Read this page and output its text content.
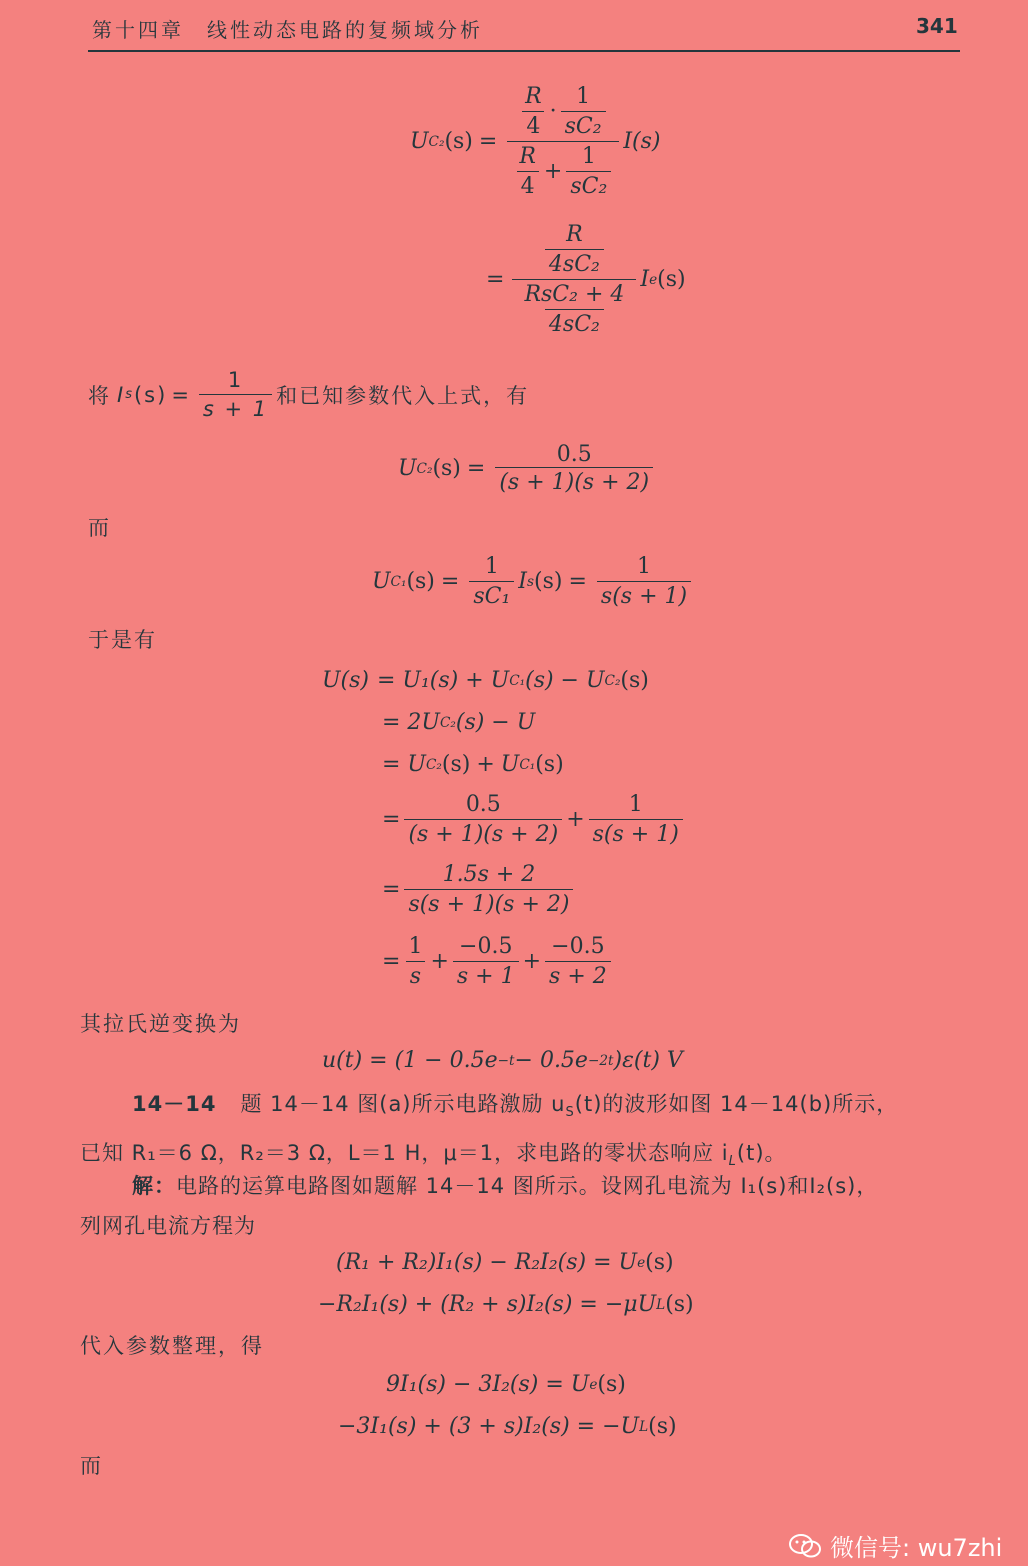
第十四章　线性动态电路的复频域分析	341
U C₂ $(s) = \frac{\frac{R}{4} \cdot \frac{1}{\text{sC₂}}}{\frac{R}{4} + \frac{1}{\text{sC₂}}} I(s)$
= $\frac{\frac{R}{\text{4sC₂}}}{\frac{\text{RsC₂ + 4}}{\text{4sC₂}}}$ I e (s)
将 I s $(s) = \frac{1}{s + 1}$ 和已知参数代入上式，有
U C₂ $(s) = \frac{0.5}{(s + 1)(s + 2)}$
而
U C₁ $(s) = \frac{1}{\text{sC₁}}$ I s $(s) = \frac{1}{s(s + 1)}$
于是有
U(s) = U₁(s) + U C₁ (s) − U C₂ (s)
= 2U C₂ (s) − U
= U C₂ (s) + U C₁ (s)
= $\frac{0.5}{(s + 1)(s + 2)} + \frac{1}{s(s + 1)}$
= $\frac{1.5s + 2}{s(s + 1)(s + 2)}$
= $\frac{1}{s} + \frac{-0.5}{s + 1} + \frac{-0.5}{s + 2}$
其拉氏逆变换为
u(t) = (1 − 0.5e −t − 0.5e −2t )ε(t) V
14－14 题 14－14 图(a)所示电路激励 $u_S(t)$的波形如图 14－14(b)所示，
已知 R₁＝6 Ω，R₂＝3 Ω，L＝1 H，μ＝1，求电路的零状态响应 $i_L(t)$。
解：电路的运算电路图如题解 14－14 图所示。设网孔电流为 I₁(s)和I₂(s)，
列网孔电流方程为
(R₁ + R₂)I₁(s) − R₂I₂(s) = U e (s)
−R₂I₁(s) + (R₂ + s)I₂(s) = −μU L (s)
代入参数整理，得
9I₁(s) − 3I₂(s) = U e (s)
−3I₁(s) + (3 + s)I₂(s) = −U L (s)
而
微信号: wu7zhi
